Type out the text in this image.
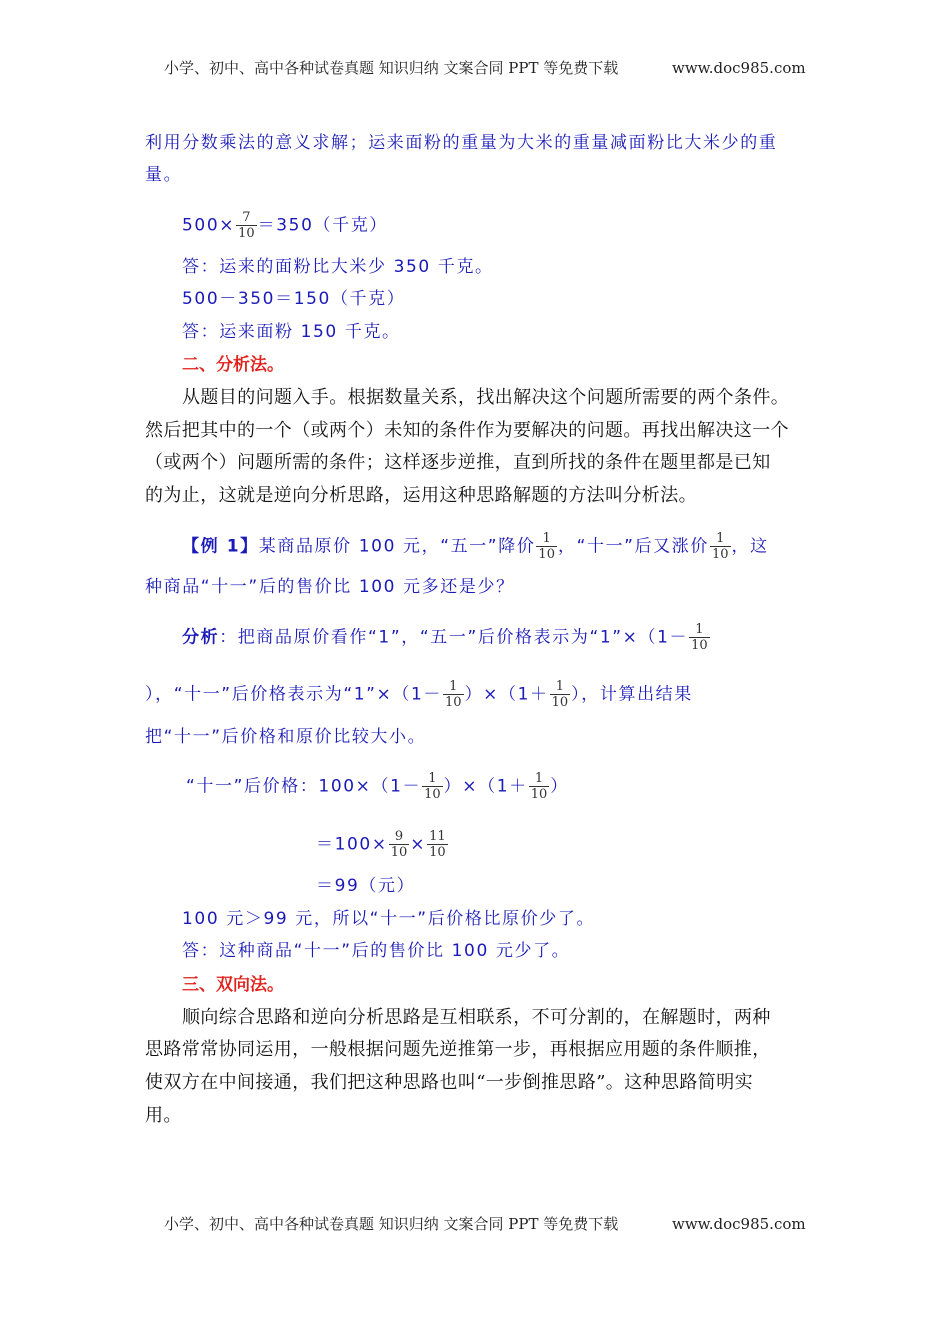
小学、初中、高中各种试卷真题 知识归纳 文案合同 PPT 等免费下载	www.doc985.com
利用分数乘法的意义求解；运来面粉的重量为大米的重量减面粉比大米少的重
量。
$500\times \frac{7}{10} =350$（千克）
答：运来的面粉比大米少 350 千克。
500－350＝150（千克）
答：运来面粉 150 千克。
二、分析法。
从题目的问题入手。根据数量关系，找出解决这个问题所需要的两个条件。
然后把其中的一个（或两个）未知的条件作为要解决的问题。再找出解决这一个
（或两个）问题所需的条件；这样逐步逆推，直到所找的条件在题里都是已知
的为止，这就是逆向分析思路，运用这种思路解题的方法叫分析法。
【例 1】某商品原价 100 元，“五一”降价 $\frac{1}{10}$ ，“十一”后又涨价 $\frac{1}{10}$ ，这
种商品“十一”后的售价比 100 元多还是少？
分析：把商品原价看作“1”，“五一”后价格表示为“1”×（1－ $\frac{1}{10}$
），“十一”后价格表示为“1”×（1－ $\frac{1}{10} )\times(1+ \frac{1}{10}$ ），计算出结果
把“十一”后价格和原价比较大小。
“十一”后价格：$100\times(1- \frac{1}{10} )\times(1+ \frac{1}{10}$ ）
$=100\times \frac{9}{10} \times \frac{11}{10}$
＝99（元）
100 元＞99 元，所以“十一”后价格比原价少了。
答：这种商品“十一”后的售价比 100 元少了。
三、双向法。
顺向综合思路和逆向分析思路是互相联系，不可分割的，在解题时，两种
思路常常协同运用，一般根据问题先逆推第一步，再根据应用题的条件顺推，
使双方在中间接通，我们把这种思路也叫“一步倒推思路”。这种思路简明实
用。
小学、初中、高中各种试卷真题 知识归纳 文案合同 PPT 等免费下载	www.doc985.com
